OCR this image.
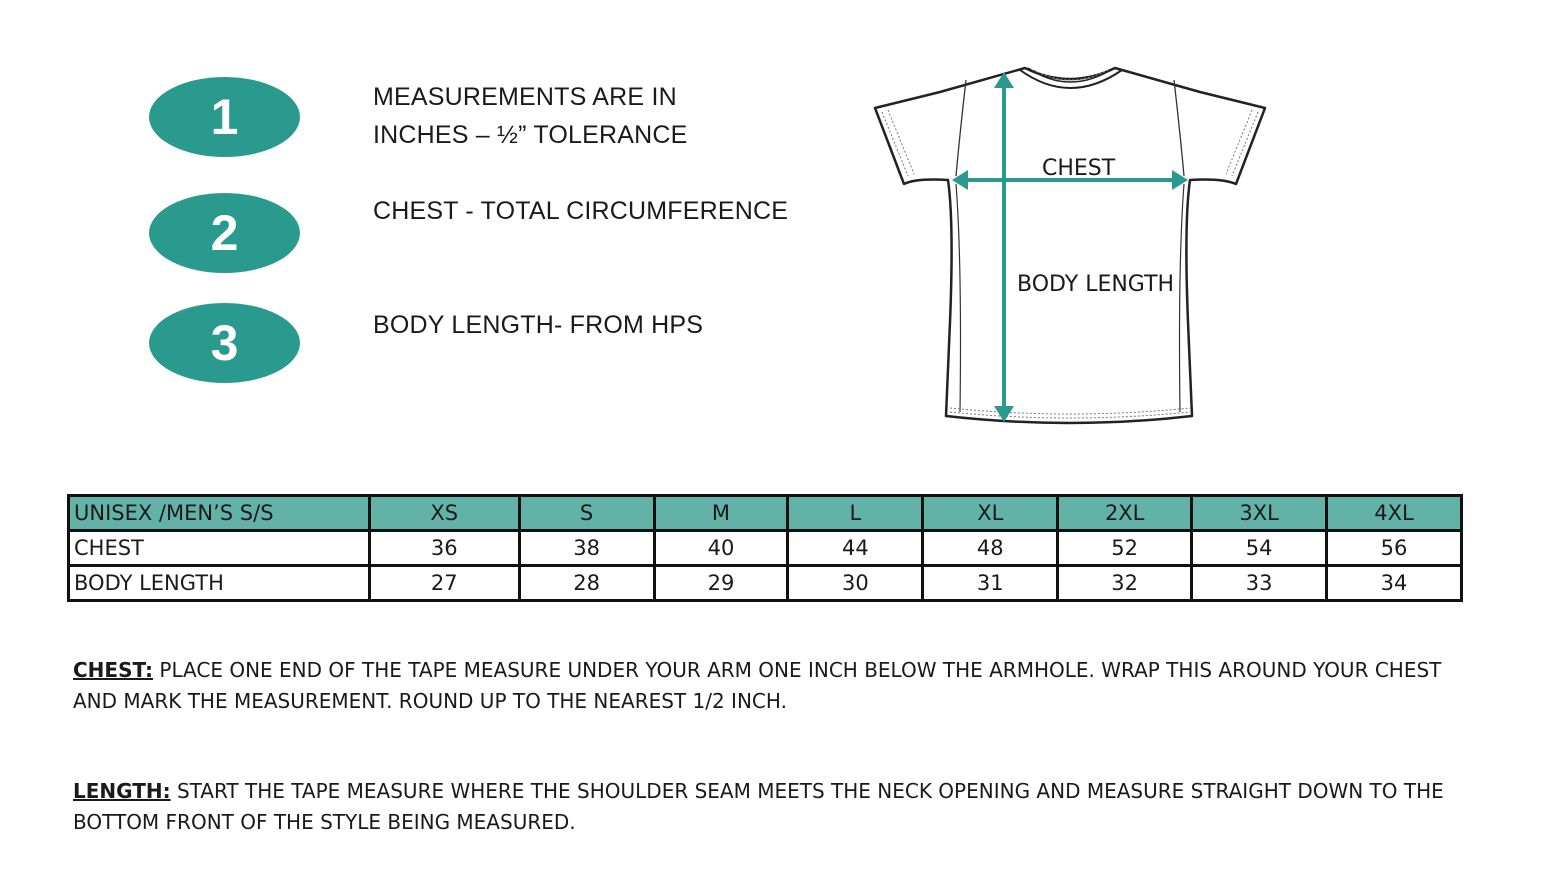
1
2
3
MEASUREMENTS ARE IN
INCHES – ½” TOLERANCE
CHEST - TOTAL CIRCUMFERENCE
BODY LENGTH- FROM HPS
CHEST
BODY LENGTH
UNISEX /MEN’S S/S	XS	S	M	L	XL	2XL	3XL	4XL
CHEST	36	38	40	44	48	52	54	56
BODY LENGTH	27	28	29	30	31	32	33	34
CHEST: PLACE ONE END OF THE TAPE MEASURE UNDER YOUR ARM ONE INCH BELOW THE ARMHOLE. WRAP THIS AROUND YOUR CHEST AND MARK THE MEASUREMENT. ROUND UP TO THE NEAREST 1/2 INCH.
LENGTH: START THE TAPE MEASURE WHERE THE SHOULDER SEAM MEETS THE NECK OPENING AND MEASURE STRAIGHT DOWN TO THE BOTTOM FRONT OF THE STYLE BEING MEASURED.
